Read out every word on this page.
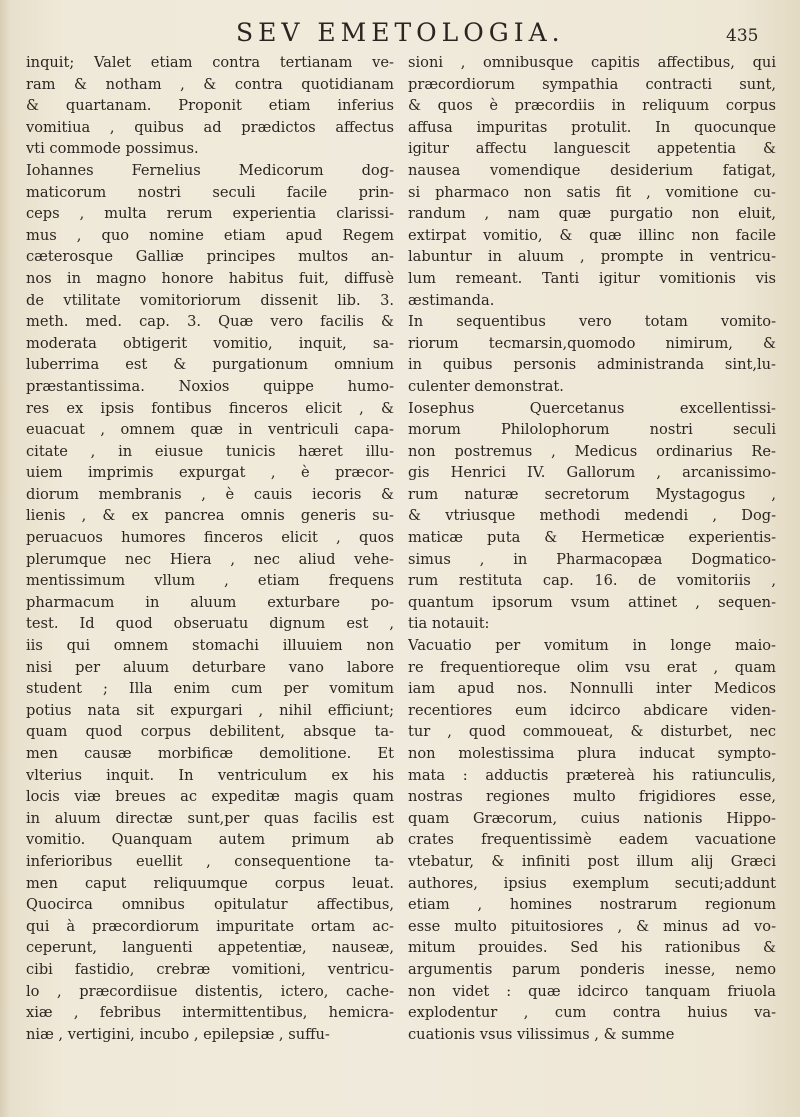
SEV EMETOLOGIA.	435
inquit; Valet etiam contra tertianam ve-
ram & notham , & contra quotidianam
& quartanam. Proponit etiam inferius
vomitiua , quibus ad prædictos affectus
vti commode possimus.
Iohannes Fernelius Medicorum dog-
maticorum nostri seculi facile prin-
ceps , multa rerum experientia clarissi-
mus , quo nomine etiam apud Regem
cæterosque Galliæ principes multos an-
nos in magno honore habitus fuit, diffusè
de vtilitate vomitoriorum dissenit lib. 3.
meth. med. cap. 3. Quæ vero facilis &
moderata obtigerit vomitio, inquit, sa-
luberrima est & purgationum omnium
præstantissima. Noxios quippe humo-
res ex ipsis fontibus finceros elicit , &
euacuat , omnem quæ in ventriculi capa-
citate , in eiusue tunicis hæret illu-
uiem imprimis expurgat , è præcor-
diorum membranis , è cauis iecoris &
lienis , & ex pancrea omnis generis su-
peruacuos humores finceros elicit , quos
plerumque nec Hiera , nec aliud vehe-
mentissimum vllum , etiam frequens
pharmacum in aluum exturbare po-
test. Id quod obseruatu dignum est ,
iis qui omnem stomachi illuuiem non
nisi per aluum deturbare vano labore
student ; Illa enim cum per vomitum
potius nata sit expurgari , nihil efficiunt;
quam quod corpus debilitent, absque ta-
men causæ morbificæ demolitione. Et
vlterius inquit. In ventriculum ex his
locis viæ breues ac expeditæ magis quam
in aluum directæ sunt,per quas facilis est
vomitio. Quanquam autem primum ab
inferioribus euellit , consequentione ta-
men caput reliquumque corpus leuat.
Quocirca omnibus opitulatur affectibus,
qui à præcordiorum impuritate ortam ac-
ceperunt, languenti appetentiæ, nauseæ,
cibi fastidio, crebræ vomitioni, ventricu-
lo , præcordiisue distentis, ictero, cache-
xiæ , febribus intermittentibus, hemicra-
niæ , vertigini, incubo , epilepsiæ , suffu-
sioni , omnibusque capitis affectibus, qui
præcordiorum sympathia contracti sunt,
& quos è præcordiis in reliquum corpus
affusa impuritas protulit. In quocunque
igitur affectu languescit appetentia &
nausea vomendique desiderium fatigat,
si pharmaco non satis fit , vomitione cu-
randum , nam quæ purgatio non eluit,
extirpat vomitio, & quæ illinc non facile
labuntur in aluum , prompte in ventricu-
lum remeant. Tanti igitur vomitionis vis
æstimanda.
In sequentibus vero totam vomito-
riorum tecmarsin,quomodo nimirum, &
in quibus personis administranda sint,lu-
culenter demonstrat.
Iosephus Quercetanus excellentissi-
morum Philolophorum nostri seculi
non postremus , Medicus ordinarius Re-
gis Henrici IV. Gallorum , arcanissimo-
rum naturæ secretorum Mystagogus ,
& vtriusque methodi medendi , Dog-
maticæ puta & Hermeticæ experientis-
simus , in Pharmacopæa Dogmatico-
rum restituta cap. 16. de vomitoriis ,
quantum ipsorum vsum attinet , sequen-
tia notauit:
Vacuatio per vomitum in longe maio-
re frequentioreque olim vsu erat , quam
iam apud nos. Nonnulli inter Medicos
recentiores eum idcirco abdicare viden-
tur , quod commoueat, & disturbet, nec
non molestissima plura inducat sympto-
mata : adductis prætereà his ratiunculis,
nostras regiones multo frigidiores esse,
quam Græcorum, cuius nationis Hippo-
crates frequentissimè eadem vacuatione
vtebatur, & infiniti post illum alij Græci
authores, ipsius exemplum secuti;addunt
etiam , homines nostrarum regionum
esse multo pituitosiores , & minus ad vo-
mitum prouides. Sed his rationibus &
argumentis parum ponderis inesse, nemo
non videt : quæ idcirco tanquam friuola
explodentur , cum contra huius va-
cuationis vsus vilissimus , & summe
